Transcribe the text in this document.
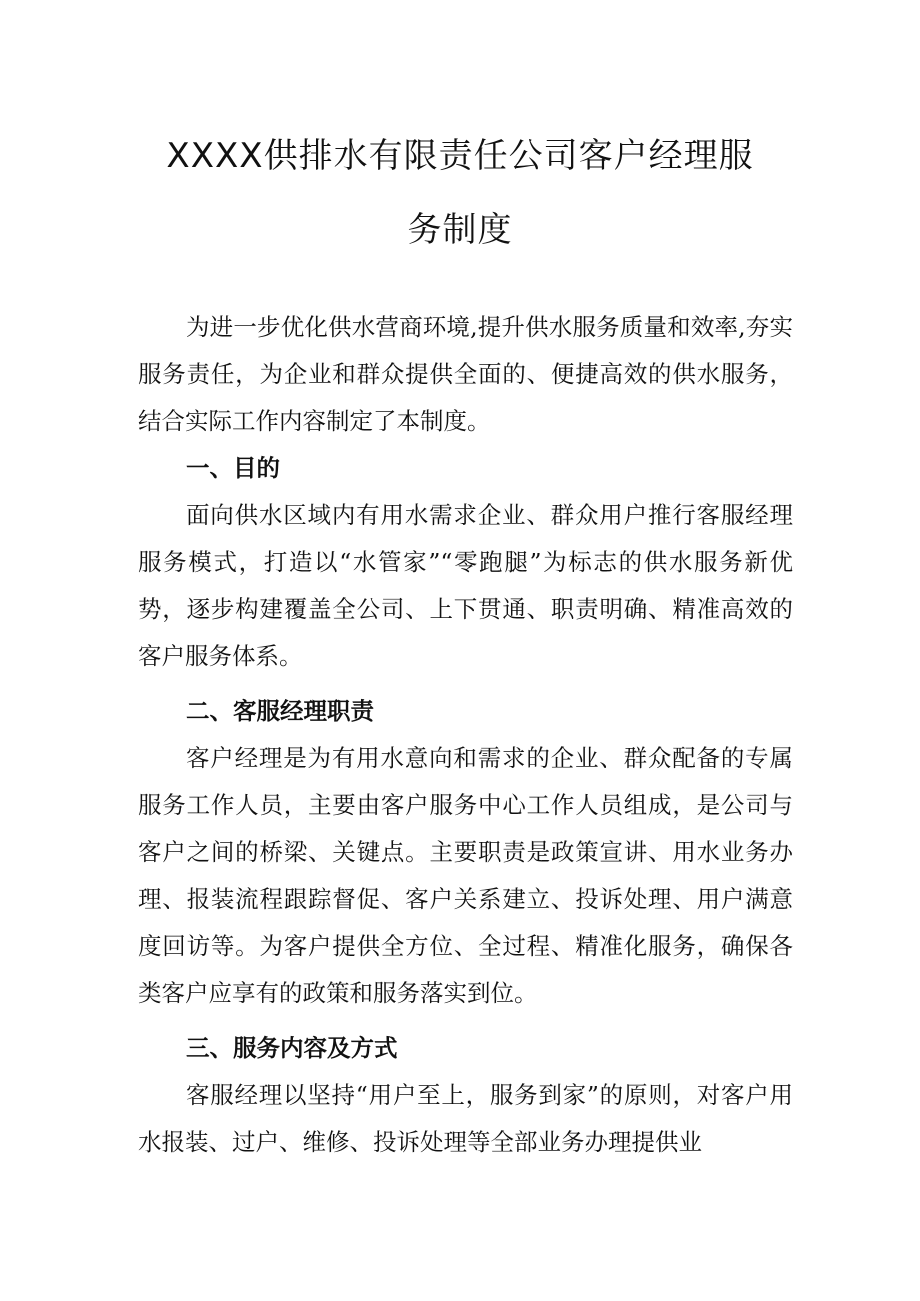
XXXX供排水有限责任公司客户经理服
务制度

为进一步优化供水营商环境,提升供水服务质量和效率,夯实服务责任，为企业和群众提供全面的、便捷高效的供水服务，结合实际工作内容制定了本制度。

一、目的

面向供水区域内有用水需求企业、群众用户推行客服经理服务模式，打造以“水管家”“零跑腿”为标志的供水服务新优势，逐步构建覆盖全公司、上下贯通、职责明确、精准高效的客户服务体系。

二、客服经理职责

客户经理是为有用水意向和需求的企业、群众配备的专属服务工作人员，主要由客户服务中心工作人员组成，是公司与客户之间的桥梁、关键点。主要职责是政策宣讲、用水业务办理、报装流程跟踪督促、客户关系建立、投诉处理、用户满意度回访等。为客户提供全方位、全过程、精准化服务，确保各类客户应享有的政策和服务落实到位。

三、服务内容及方式

客服经理以坚持“用户至上，服务到家”的原则，对客户用水报装、过户、维修、投诉处理等全部业务办理提供业
